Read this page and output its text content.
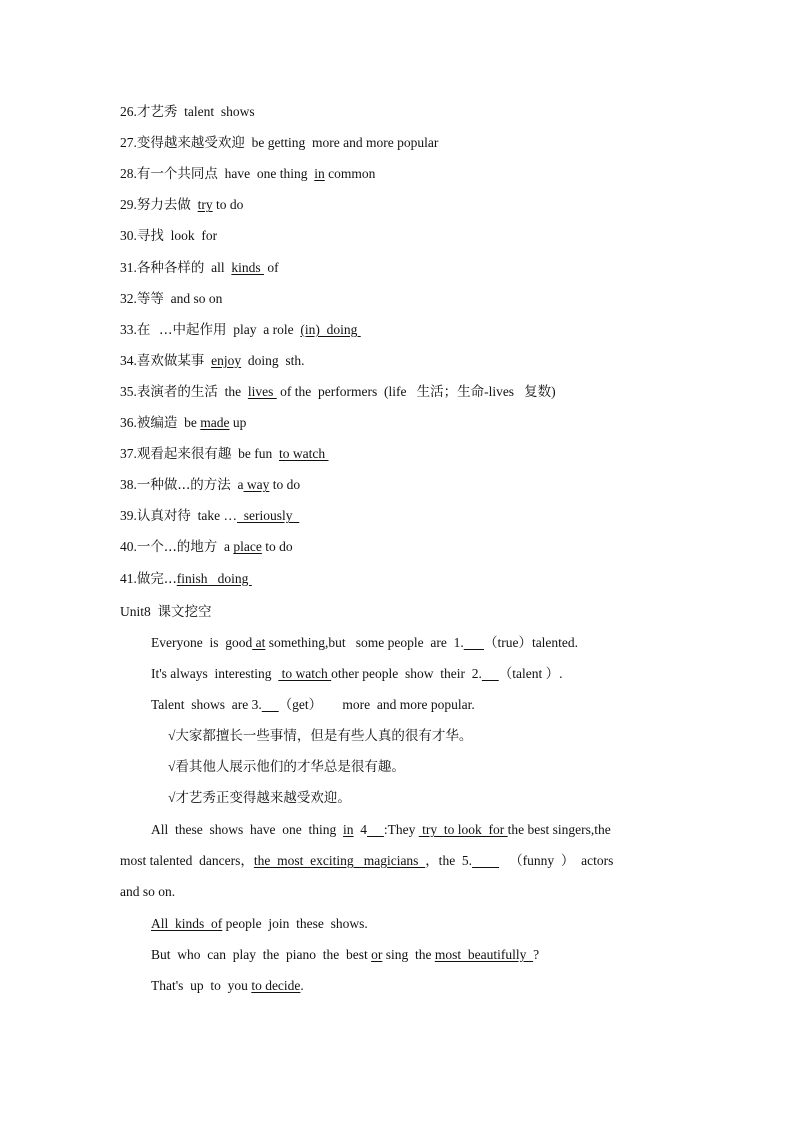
26.才艺秀  talent  shows
27.变得越来越受欢迎  be getting  more and more popular
28.有一个共同点  have  one thing  in common
29.努力去做 try to do
30.寻找  look  for
31.各种各样的  all  kinds  of
32.等等  and so on
33.在  …中起作用  play  a role  (in)  doing
34.喜欢做某事 enjoy  doing  sth.
35.表演者的生活  the  lives  of the  performers  (life   生活；生命-lives   复数)
36.被编造  be made up
37.观看起来很有趣  be fun  to watch
38.一种做...的方法  a way to do
39.认真对待  take …  seriously
40.一个...的地方  a place to do
41.做完...finish   doing
Unit8  课文挖空
Everyone  is  good at something,but   some people  are  1. （true）talented.
It's always  interesting   to watch other people  show  their  2. （talent ）.
Talent  shows  are 3. （get）      more  and more popular.
√大家都擅长一些事情，但是有些人真的很有才华。
√看其他人展示他们的才华总是很有趣。
√才艺秀正变得越来越受欢迎。
All  these  shows  have  one  thing  in  4 :They  try  to look  for the best singers,the
most talented  dancers，the  most  exciting   magicians  ，the  5.           （funny  ）  actors
and so on.
All  kinds  of people  join  these  shows.
But  who  can  play  the  piano  the  best or sing  the most  beautifully  ?
That's  up  to  you to decide.
